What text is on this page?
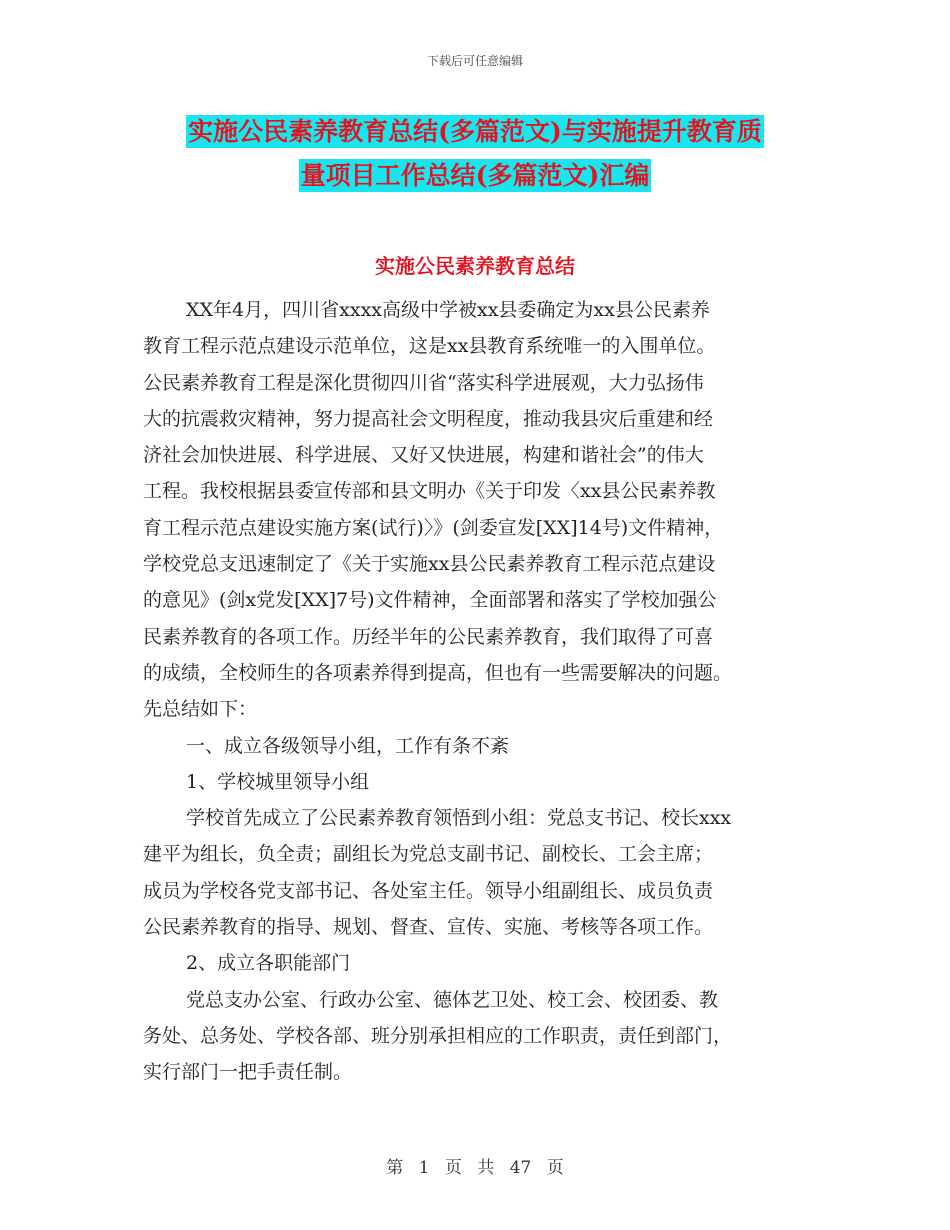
下载后可任意编辑
实施公民素养教育总结(多篇范文)与实施提升教育质
量项目工作总结(多篇范文)汇编
实施公民素养教育总结
XX年4月，四川省xxxx高级中学被xx县委确定为xx县公民素养
教育工程示范点建设示范单位，这是xx县教育系统唯一的入围单位。
公民素养教育工程是深化贯彻四川省“落实科学进展观，大力弘扬伟
大的抗震救灾精神，努力提高社会文明程度，推动我县灾后重建和经
济社会加快进展、科学进展、又好又快进展，构建和谐社会”的伟大
工程。我校根据县委宣传部和县文明办《关于印发〈xx县公民素养教
育工程示范点建设实施方案(试行)〉》(剑委宣发[XX]14号)文件精神，
学校党总支迅速制定了《关于实施xx县公民素养教育工程示范点建设
的意见》(剑x党发[XX]7号)文件精神，全面部署和落实了学校加强公
民素养教育的各项工作。历经半年的公民素养教育，我们取得了可喜
的成绩，全校师生的各项素养得到提高，但也有一些需要解决的问题。
先总结如下：
一、成立各级领导小组，工作有条不紊
1、学校城里领导小组
学校首先成立了公民素养教育领悟到小组：党总支书记、校长xxx
建平为组长，负全责；副组长为党总支副书记、副校长、工会主席；
成员为学校各党支部书记、各处室主任。领导小组副组长、成员负责
公民素养教育的指导、规划、督查、宣传、实施、考核等各项工作。
2、成立各职能部门
党总支办公室、行政办公室、德体艺卫处、校工会、校团委、教
务处、总务处、学校各部、班分别承担相应的工作职责，责任到部门，
实行部门一把手责任制。
第 1 页 共 47 页
